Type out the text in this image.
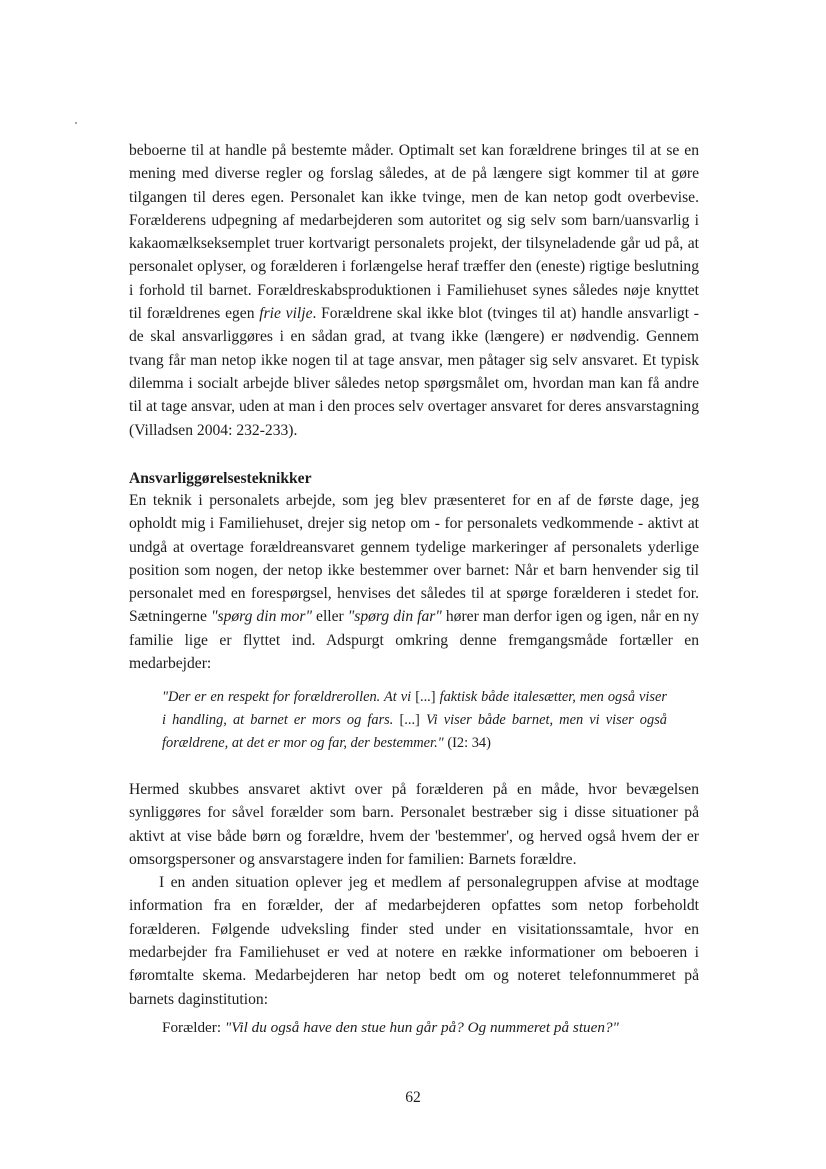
beboerne til at handle på bestemte måder. Optimalt set kan forældrene bringes til at se en mening med diverse regler og forslag således, at de på længere sigt kommer til at gøre tilgangen til deres egen. Personalet kan ikke tvinge, men de kan netop godt overbevise. Forælderens udpegning af medarbejderen som autoritet og sig selv som barn/uansvarlig i kakaomælkseksemplet truer kortvarigt personalets projekt, der tilsyneladende går ud på, at personalet oplyser, og forælderen i forlængelse heraf træffer den (eneste) rigtige beslutning i forhold til barnet. Forældreskabsproduktionen i Familiehuset synes således nøje knyttet til forældrenes egen frie vilje. Forældrene skal ikke blot (tvinges til at) handle ansvarligt - de skal ansvarliggøres i en sådan grad, at tvang ikke (længere) er nødvendig. Gennem tvang får man netop ikke nogen til at tage ansvar, men påtager sig selv ansvaret. Et typisk dilemma i socialt arbejde bliver således netop spørgsmålet om, hvordan man kan få andre til at tage ansvar, uden at man i den proces selv overtager ansvaret for deres ansvarstagning (Villadsen 2004: 232-233).

Ansvarliggørelsesteknikker

En teknik i personalets arbejde, som jeg blev præsenteret for en af de første dage, jeg opholdt mig i Familiehuset, drejer sig netop om - for personalets vedkommende - aktivt at undgå at overtage forældreansvaret gennem tydelige markeringer af personalets yderlige position som nogen, der netop ikke bestemmer over barnet: Når et barn henvender sig til personalet med en forespørgsel, henvises det således til at spørge forælderen i stedet for. Sætningerne "spørg din mor" eller "spørg din far" hører man derfor igen og igen, når en ny familie lige er flyttet ind. Adspurgt omkring denne fremgangsmåde fortæller en medarbejder:

"Der er en respekt for forældrerollen. At vi [...] faktisk både italesætter, men også viser i handling, at barnet er mors og fars. [...] Vi viser både barnet, men vi viser også forældrene, at det er mor og far, der bestemmer." (I2: 34)

Hermed skubbes ansvaret aktivt over på forælderen på en måde, hvor bevægelsen synliggøres for såvel forælder som barn. Personalet bestræber sig i disse situationer på aktivt at vise både børn og forældre, hvem der 'bestemmer', og herved også hvem der er omsorgspersoner og ansvarstagere inden for familien: Barnets forældre.

I en anden situation oplever jeg et medlem af personalegruppen afvise at modtage information fra en forælder, der af medarbejderen opfattes som netop forbeholdt forælderen. Følgende udveksling finder sted under en visitationssamtale, hvor en medarbejder fra Familiehuset er ved at notere en række informationer om beboeren i føromtalte skema. Medarbejderen har netop bedt om og noteret telefonnummeret på barnets daginstitution:

Forælder: "Vil du også have den stue hun går på? Og nummeret på stuen?"

62
